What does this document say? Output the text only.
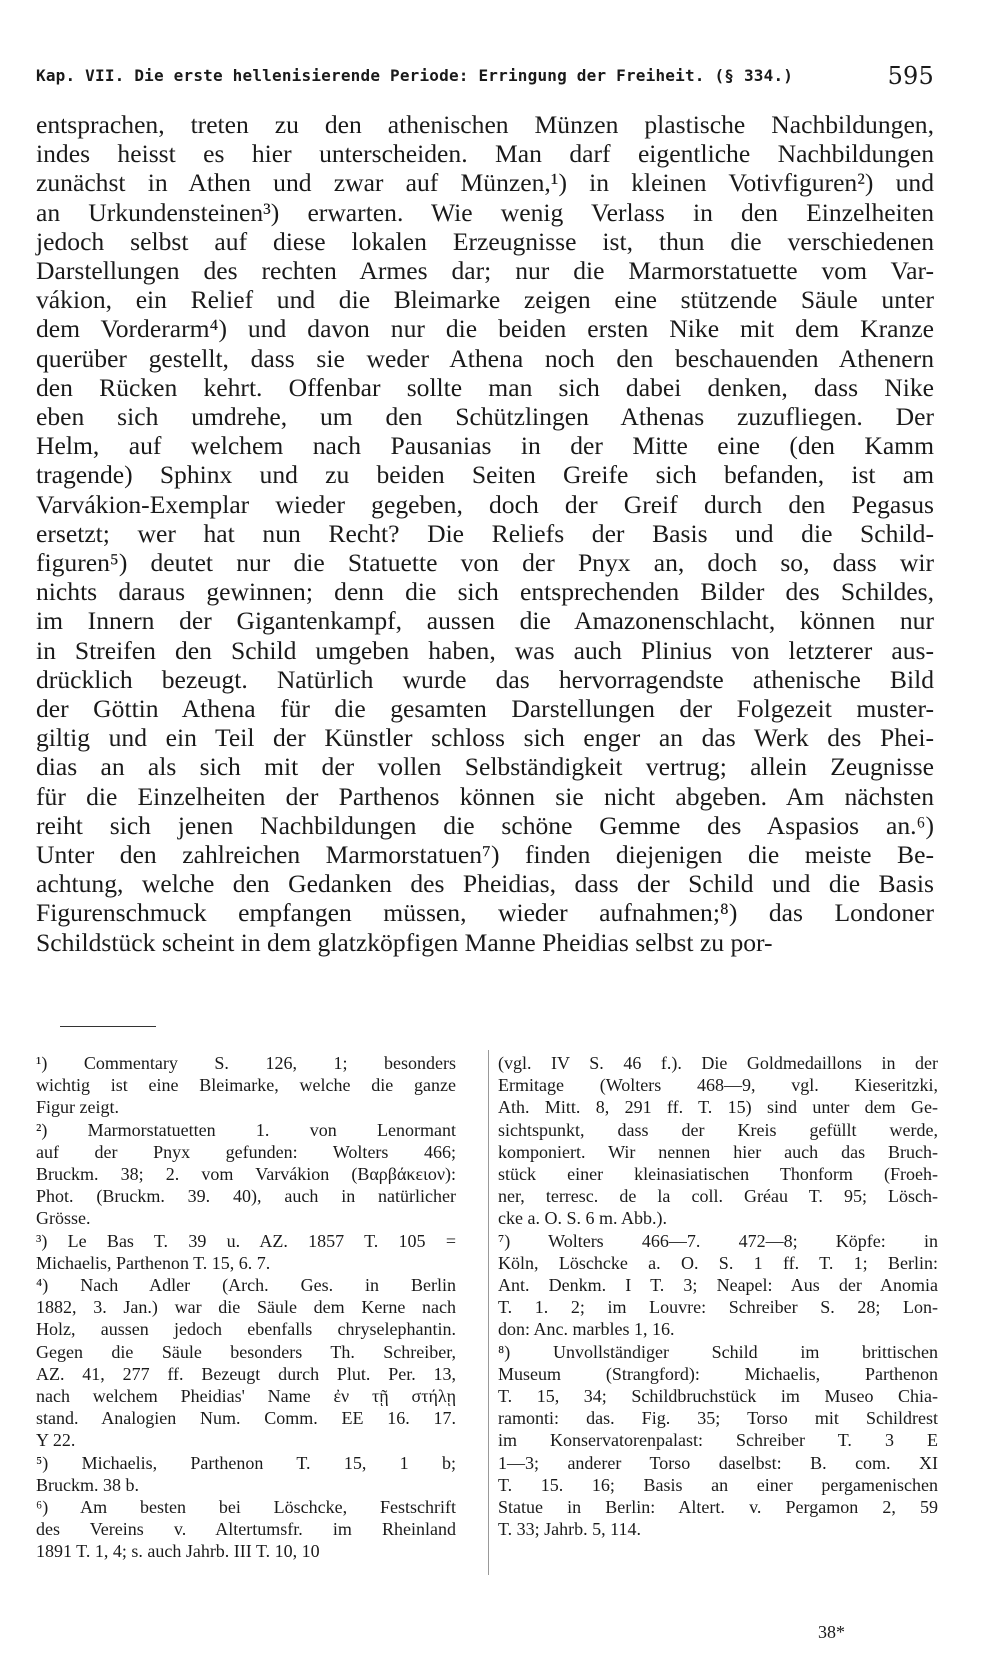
Kap. VII. Die erste hellenisierende Periode: Erringung der Freiheit. (§ 334.)	595
entsprachen, treten zu den athenischen Münzen plastische Nachbildungen,
indes heisst es hier unterscheiden. Man darf eigentliche Nachbildungen
zunächst in Athen und zwar auf Münzen,¹) in kleinen Votivfiguren²) und
an Urkundensteinen³) erwarten. Wie wenig Verlass in den Einzelheiten
jedoch selbst auf diese lokalen Erzeugnisse ist, thun die verschiedenen
Darstellungen des rechten Armes dar; nur die Marmorstatuette vom Var-
vákion, ein Relief und die Bleimarke zeigen eine stützende Säule unter
dem Vorderarm⁴) und davon nur die beiden ersten Nike mit dem Kranze
querüber gestellt, dass sie weder Athena noch den beschauenden Athenern
den Rücken kehrt. Offenbar sollte man sich dabei denken, dass Nike
eben sich umdrehe, um den Schützlingen Athenas zuzufliegen. Der
Helm, auf welchem nach Pausanias in der Mitte eine (den Kamm
tragende) Sphinx und zu beiden Seiten Greife sich befanden, ist am
Varvákion-Exemplar wieder gegeben, doch der Greif durch den Pegasus
ersetzt; wer hat nun Recht? Die Reliefs der Basis und die Schild-
figuren⁵) deutet nur die Statuette von der Pnyx an, doch so, dass wir
nichts daraus gewinnen; denn die sich entsprechenden Bilder des Schildes,
im Innern der Gigantenkampf, aussen die Amazonenschlacht, können nur
in Streifen den Schild umgeben haben, was auch Plinius von letzterer aus-
drücklich bezeugt. Natürlich wurde das hervorragendste athenische Bild
der Göttin Athena für die gesamten Darstellungen der Folgezeit muster-
giltig und ein Teil der Künstler schloss sich enger an das Werk des Phei-
dias an als sich mit der vollen Selbständigkeit vertrug; allein Zeugnisse
für die Einzelheiten der Parthenos können sie nicht abgeben. Am nächsten
reiht sich jenen Nachbildungen die schöne Gemme des Aspasios an.⁶)
Unter den zahlreichen Marmorstatuen⁷) finden diejenigen die meiste Be-
achtung, welche den Gedanken des Pheidias, dass der Schild und die Basis
Figurenschmuck empfangen müssen, wieder aufnahmen;⁸) das Londoner
Schildstück scheint in dem glatzköpfigen Manne Pheidias selbst zu por-
¹) Commentary S. 126, 1; besonders
wichtig ist eine Bleimarke, welche die ganze
Figur zeigt.
²) Marmorstatuetten 1. von Lenormant
auf der Pnyx gefunden: Wolters 466;
Bruckm. 38; 2. vom Varvákion (Βαρβάκειον):
Phot. (Bruckm. 39. 40), auch in natürlicher
Grösse.
³) Le Bas T. 39 u. AZ. 1857 T. 105 =
Michaelis, Parthenon T. 15, 6. 7.
⁴) Nach Adler (Arch. Ges. in Berlin
1882, 3. Jan.) war die Säule dem Kerne nach
Holz, aussen jedoch ebenfalls chryselephantin.
Gegen die Säule besonders Th. Schreiber,
AZ. 41, 277 ff. Bezeugt durch Plut. Per. 13,
nach welchem Pheidias' Name ἐν τῇ στήλῃ
stand. Analogien Num. Comm. EE 16. 17.
Y 22.
⁵) Michaelis, Parthenon T. 15, 1 b;
Bruckm. 38 b.
⁶) Am besten bei Löschcke, Festschrift
des Vereins v. Altertumsfr. im Rheinland
1891 T. 1, 4; s. auch Jahrb. III T. 10, 10
(vgl. IV S. 46 f.). Die Goldmedaillons in der
Ermitage (Wolters 468—9, vgl. Kieseritzki,
Ath. Mitt. 8, 291 ff. T. 15) sind unter dem Ge-
sichtspunkt, dass der Kreis gefüllt werde,
komponiert. Wir nennen hier auch das Bruch-
stück einer kleinasiatischen Thonform (Froeh-
ner, terresc. de la coll. Gréau T. 95; Lösch-
cke a. O. S. 6 m. Abb.).
⁷) Wolters 466—7. 472—8; Köpfe: in
Köln, Löschcke a. O. S. 1 ff. T. 1; Berlin:
Ant. Denkm. I T. 3; Neapel: Aus der Anomia
T. 1. 2; im Louvre: Schreiber S. 28; Lon-
don: Anc. marbles 1, 16.
⁸) Unvollständiger Schild im brittischen
Museum (Strangford): Michaelis, Parthenon
T. 15, 34; Schildbruchstück im Museo Chia-
ramonti: das. Fig. 35; Torso mit Schildrest
im Konservatorenpalast: Schreiber T. 3 E
1—3; anderer Torso daselbst: B. com. XI
T. 15. 16; Basis an einer pergamenischen
Statue in Berlin: Altert. v. Pergamon 2, 59
T. 33; Jahrb. 5, 114.
38*
